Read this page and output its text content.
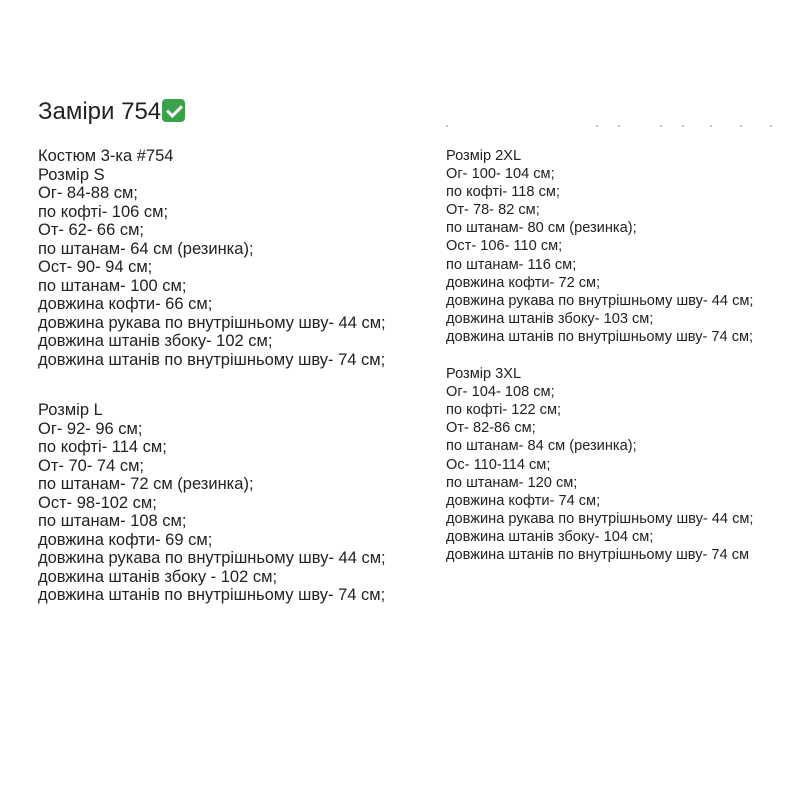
Заміри 754
Костюм 3-ка #754
Розмір S
Ог- 84-88 см;
по кофті- 106 см;
От- 62- 66 см;
по штанам- 64 см (резинка);
Ост- 90- 94 см;
по штанам- 100 см;
довжина кофти- 66 см;
довжина рукава по внутрішньому шву- 44 см;
довжина штанів збоку- 102 см;
довжина штанів по внутрішньому шву- 74 см;
Розмір L
Ог- 92- 96 см;
по кофті- 114 см;
От- 70- 74 см;
по штанам- 72 см (резинка);
Ост- 98-102 см;
по штанам- 108 см;
довжина кофти- 69 см;
довжина рукава по внутрішньому шву- 44 см;
довжина штанів збоку - 102 см;
довжина штанів по внутрішньому шву- 74 см;
Розмір 2XL
Ог- 100- 104 см;
по кофті- 118 см;
От- 78- 82 см;
по штанам- 80 см (резинка);
Ост- 106- 110 см;
по штанам- 116 см;
довжина кофти- 72 см;
довжина рукава по внутрішньому шву- 44 см;
довжина штанів збоку- 103 см;
довжина штанів по внутрішньому шву- 74 см;
Розмір 3XL
Ог- 104- 108 см;
по кофті- 122 см;
От- 82-86 см;
по штанам- 84 см (резинка);
Ос- 110-114 см;
по штанам- 120 см;
довжина кофти- 74 см;
довжина рукава по внутрішньому шву- 44 см;
довжина штанів збоку- 104 см;
довжина штанів по внутрішньому шву- 74 см
